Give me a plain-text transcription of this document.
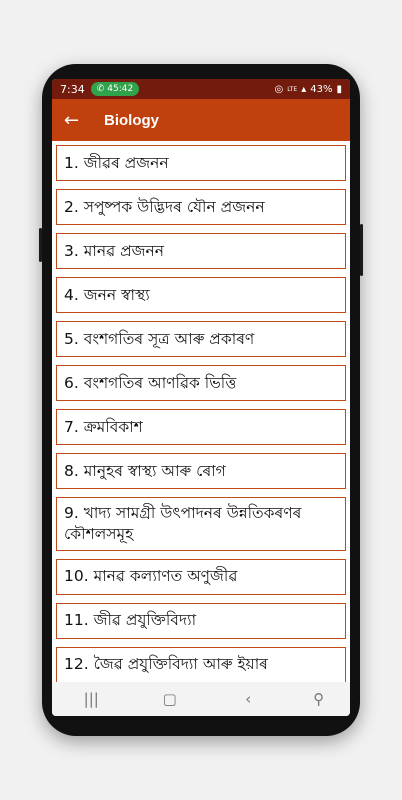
7:34 ✆ 45:42	◎ LTE ▴ 43% ▮
←	Biology
1. জীৱৰ প্ৰজনন
2. সপুষ্পক উদ্ভিদৰ যৌন প্ৰজনন
3. মানৱ প্ৰজনন
4. জনন স্বাস্থ্য
5. বংশগতিৰ সূত্ৰ আৰু প্ৰকাৰণ
6. বংশগতিৰ আণৱিক ভিত্তি
7. ক্ৰমবিকাশ
8. মানুহৰ স্বাস্থ্য আৰু ৰোগ
9. খাদ্য সামগ্ৰী উৎপাদনৰ উন্নতিকৰণৰ কৌশলসমূহ
10. মানৱ কল্যাণত অণুজীৱ
11. জীৱ প্ৰযুক্তিবিদ্যা
12. জৈৱ প্ৰযুক্তিবিদ্যা আৰু ইয়াৰ
|||	▢	‹	⚲
